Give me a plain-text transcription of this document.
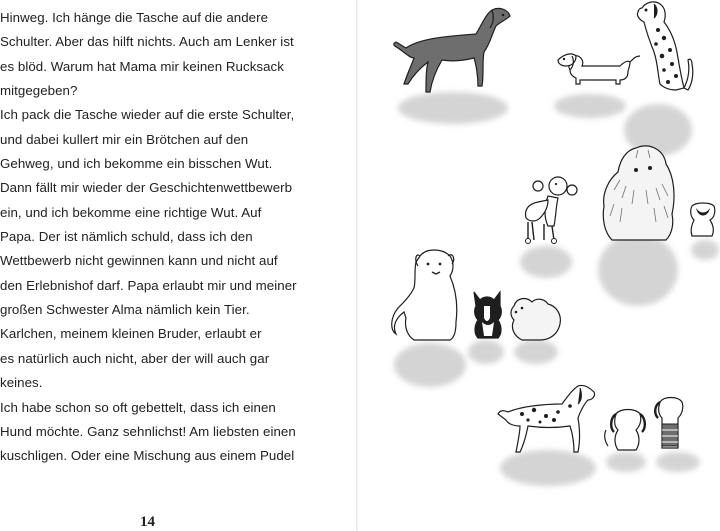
Hinweg. Ich hänge die Tasche auf die andere
Schulter. Aber das hilft nichts. Auch am Lenker ist
es blöd. Warum hat Mama mir keinen Rucksack
mitgegeben?
Ich pack die Tasche wieder auf die erste Schulter,
und dabei kullert mir ein Brötchen auf den
Gehweg, und ich bekomme ein bisschen Wut.
Dann fällt mir wieder der Geschichtenwettbewerb
ein, und ich bekomme eine richtige Wut. Auf
Papa. Der ist nämlich schuld, dass ich den
Wettbewerb nicht gewinnen kann und nicht auf
den Erlebnishof darf. Papa erlaubt mir und meiner
großen Schwester Alma nämlich kein Tier.
Karlchen, meinem kleinen Bruder, erlaubt er
es natürlich auch nicht, aber der will auch gar
keines.
Ich habe schon so oft gebettelt, dass ich einen
Hund möchte. Ganz sehnlichst! Am liebsten einen
kuschligen. Oder eine Mischung aus einem Pudel
14
